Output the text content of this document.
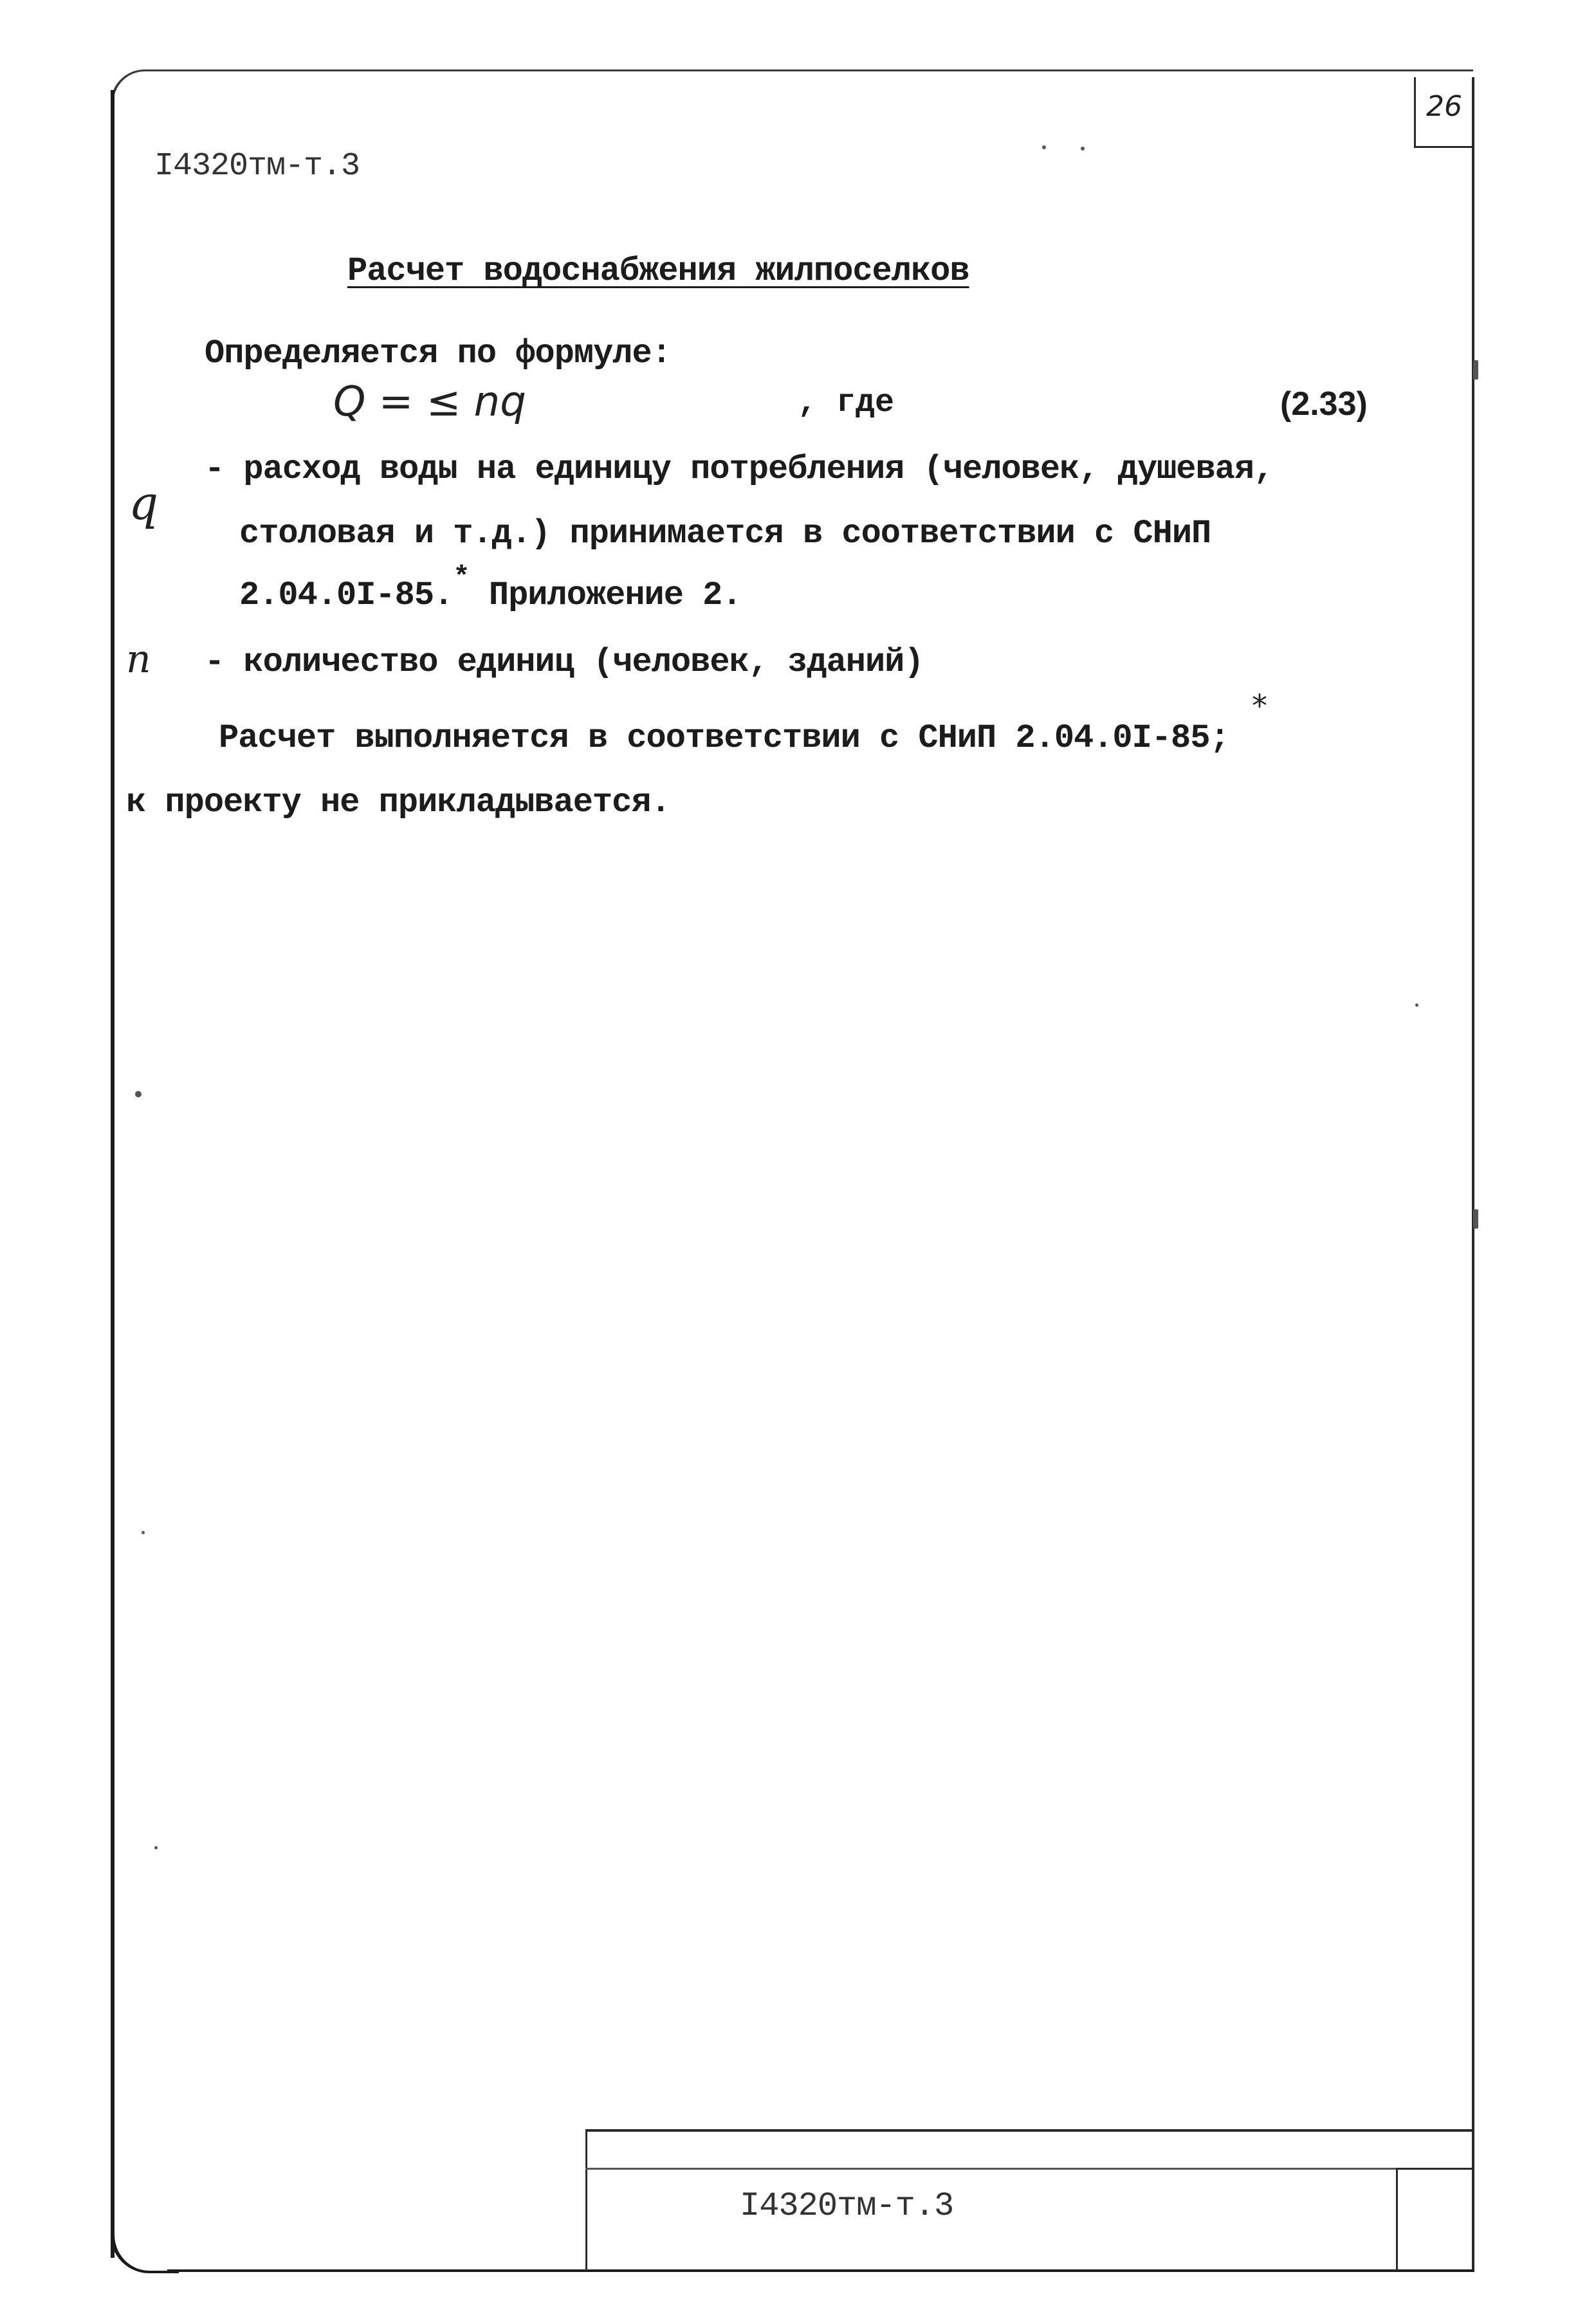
26
I4320тм-т.3
Расчет водоснабжения жилпоселков
Определяется по формуле:
Q = ≤ nq	, где	(2.33)
q
- расход воды на единицу потребления (человек, душевая,
столовая и т.д.) принимается в соответствии с СНиП
2.04.0I-85.* Приложение 2.
n - количество единиц (человек, зданий)
Расчет выполняется в соответствии с СНиП 2.04.0I-85;
*
к проекту не прикладывается.
I4320тм-т.3
